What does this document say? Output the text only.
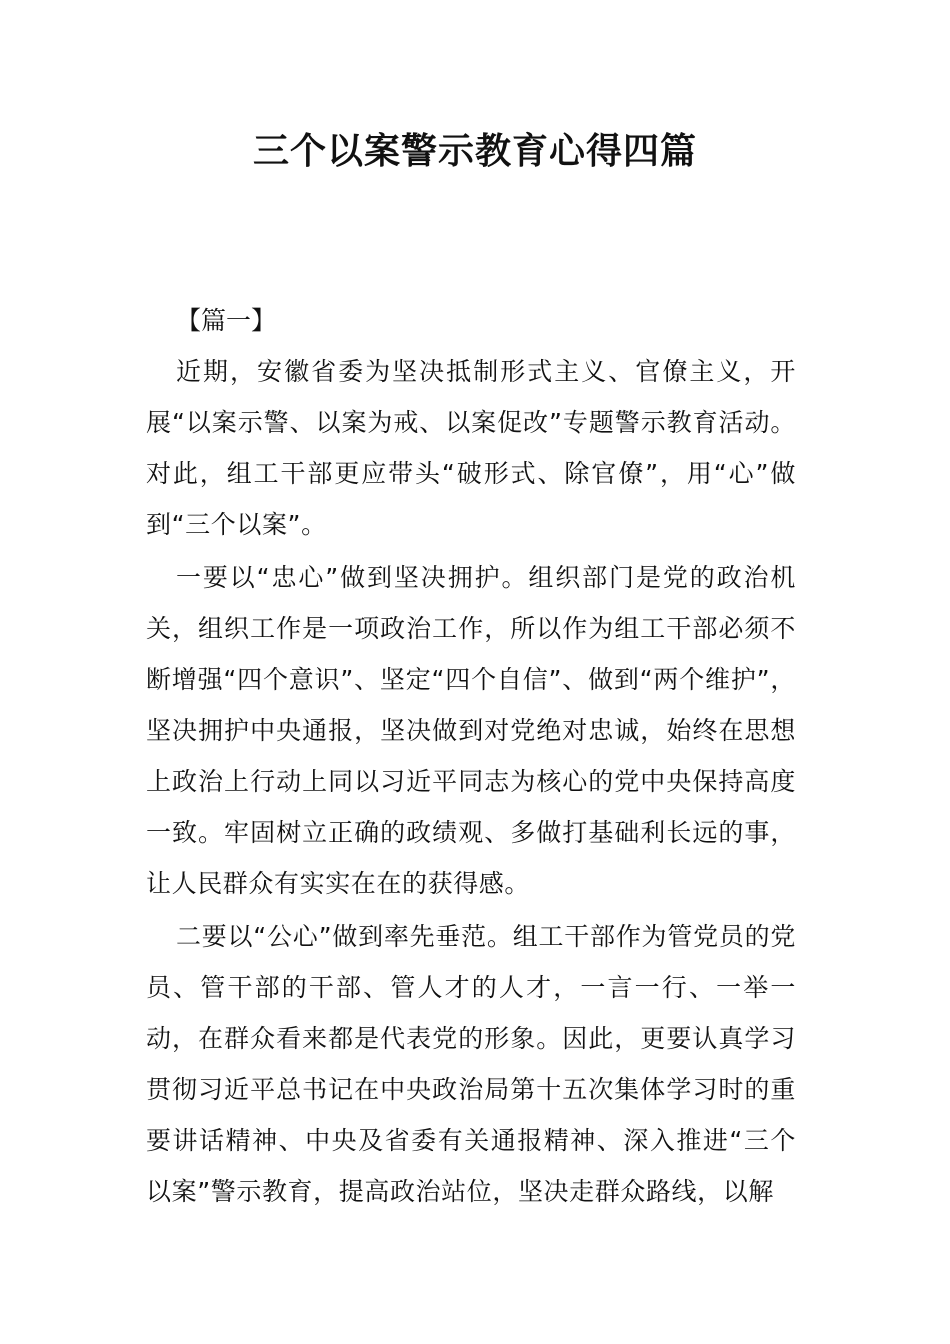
三个以案警示教育心得四篇
【篇一】

近期，安徽省委为坚决抵制形式主义、官僚主义，开展“以案示警、以案为戒、以案促改”专题警示教育活动。对此，组工干部更应带头“破形式、除官僚”，用“心”做到“三个以案”。

一要以“忠心”做到坚决拥护。组织部门是党的政治机关，组织工作是一项政治工作，所以作为组工干部必须不断增强“四个意识”、坚定“四个自信”、做到“两个维护”，坚决拥护中央通报，坚决做到对党绝对忠诚，始终在思想上政治上行动上同以习近平同志为核心的党中央保持高度一致。牢固树立正确的政绩观、多做打基础利长远的事，让人民群众有实实在在的获得感。

二要以“公心”做到率先垂范。组工干部作为管党员的党员、管干部的干部、管人才的人才，一言一行、一举一动，在群众看来都是代表党的形象。因此，更要认真学习贯彻习近平总书记在中央政治局第十五次集体学习时的重要讲话精神、中央及省委有关通报精神、深入推进“三个以案”警示教育，提高政治站位，坚决走群众路线，以解
